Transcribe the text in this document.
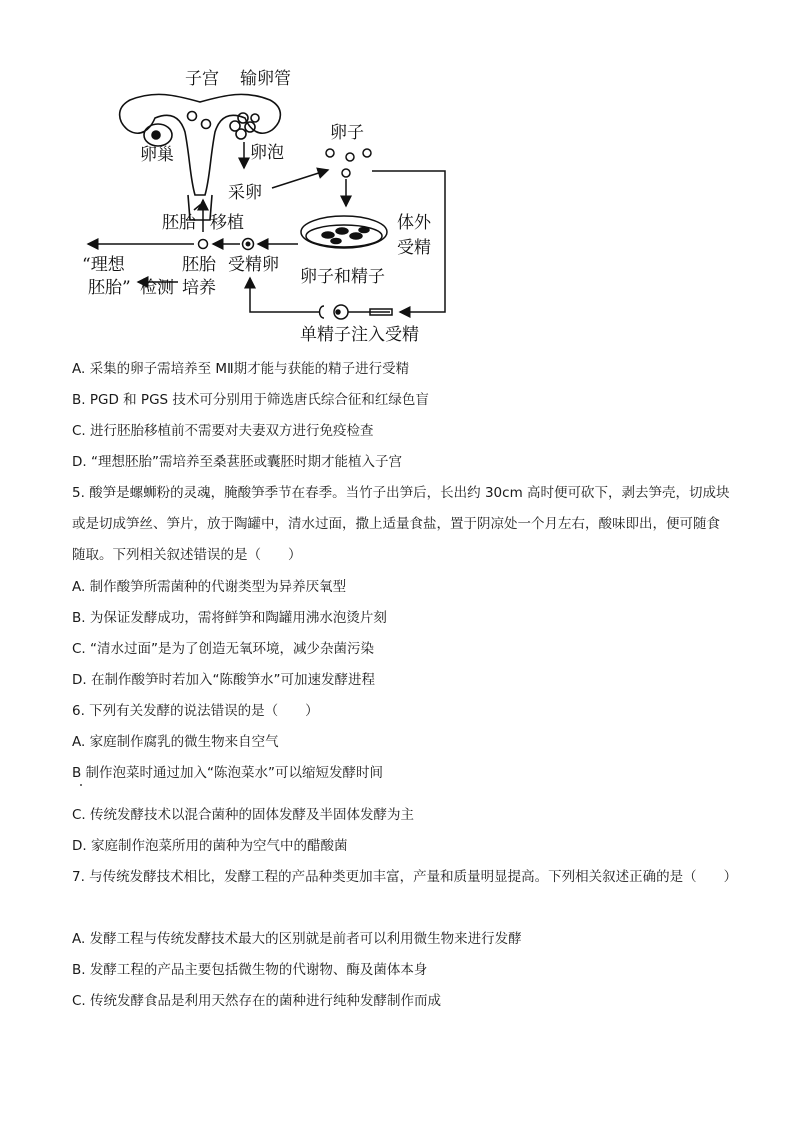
子宫 输卵管
卵巢	卵泡
采卵
卵子
体外
受精
胚胎 移植
“理想
胚胎”
胚胎
培养
受精卵
卵子和精子
检测
单精子注入受精
A. 采集的卵子需培养至 MⅡ期才能与获能的精子进行受精
B. PGD 和 PGS 技术可分别用于筛选唐氏综合征和红绿色盲
C. 进行胚胎移植前不需要对夫妻双方进行免疫检查
D. “理想胚胎”需培养至桑葚胚或囊胚时期才能植入子宫
5. 酸笋是螺蛳粉的灵魂，腌酸笋季节在春季。当竹子出笋后，长出约 30cm 高时便可砍下，剥去笋壳，切成块或是切成笋丝、笋片，放于陶罐中，清水过面，撒上适量食盐，置于阴凉处一个月左右，酸味即出，便可随食随取。下列相关叙述错误的是（　　）
A. 制作酸笋所需菌种的代谢类型为异养厌氧型
B. 为保证发酵成功，需将鲜笋和陶罐用沸水泡烫片刻
C. “清水过面”是为了创造无氧环境，减少杂菌污染
D. 在制作酸笋时若加入“陈酸笋水”可加速发酵进程
6. 下列有关发酵的说法错误的是（　　）
A. 家庭制作腐乳的微生物来自空气
B 制作泡菜时通过加入“陈泡菜水”可以缩短发酵时间
C. 传统发酵技术以混合菌种的固体发酵及半固体发酵为主
D. 家庭制作泡菜所用的菌种为空气中的醋酸菌
7. 与传统发酵技术相比，发酵工程的产品种类更加丰富，产量和质量明显提高。下列相关叙述正确的是（　　）
A. 发酵工程与传统发酵技术最大的区别就是前者可以利用微生物来进行发酵
B. 发酵工程的产品主要包括微生物的代谢物、酶及菌体本身
C. 传统发酵食品是利用天然存在的菌种进行纯种发酵制作而成
